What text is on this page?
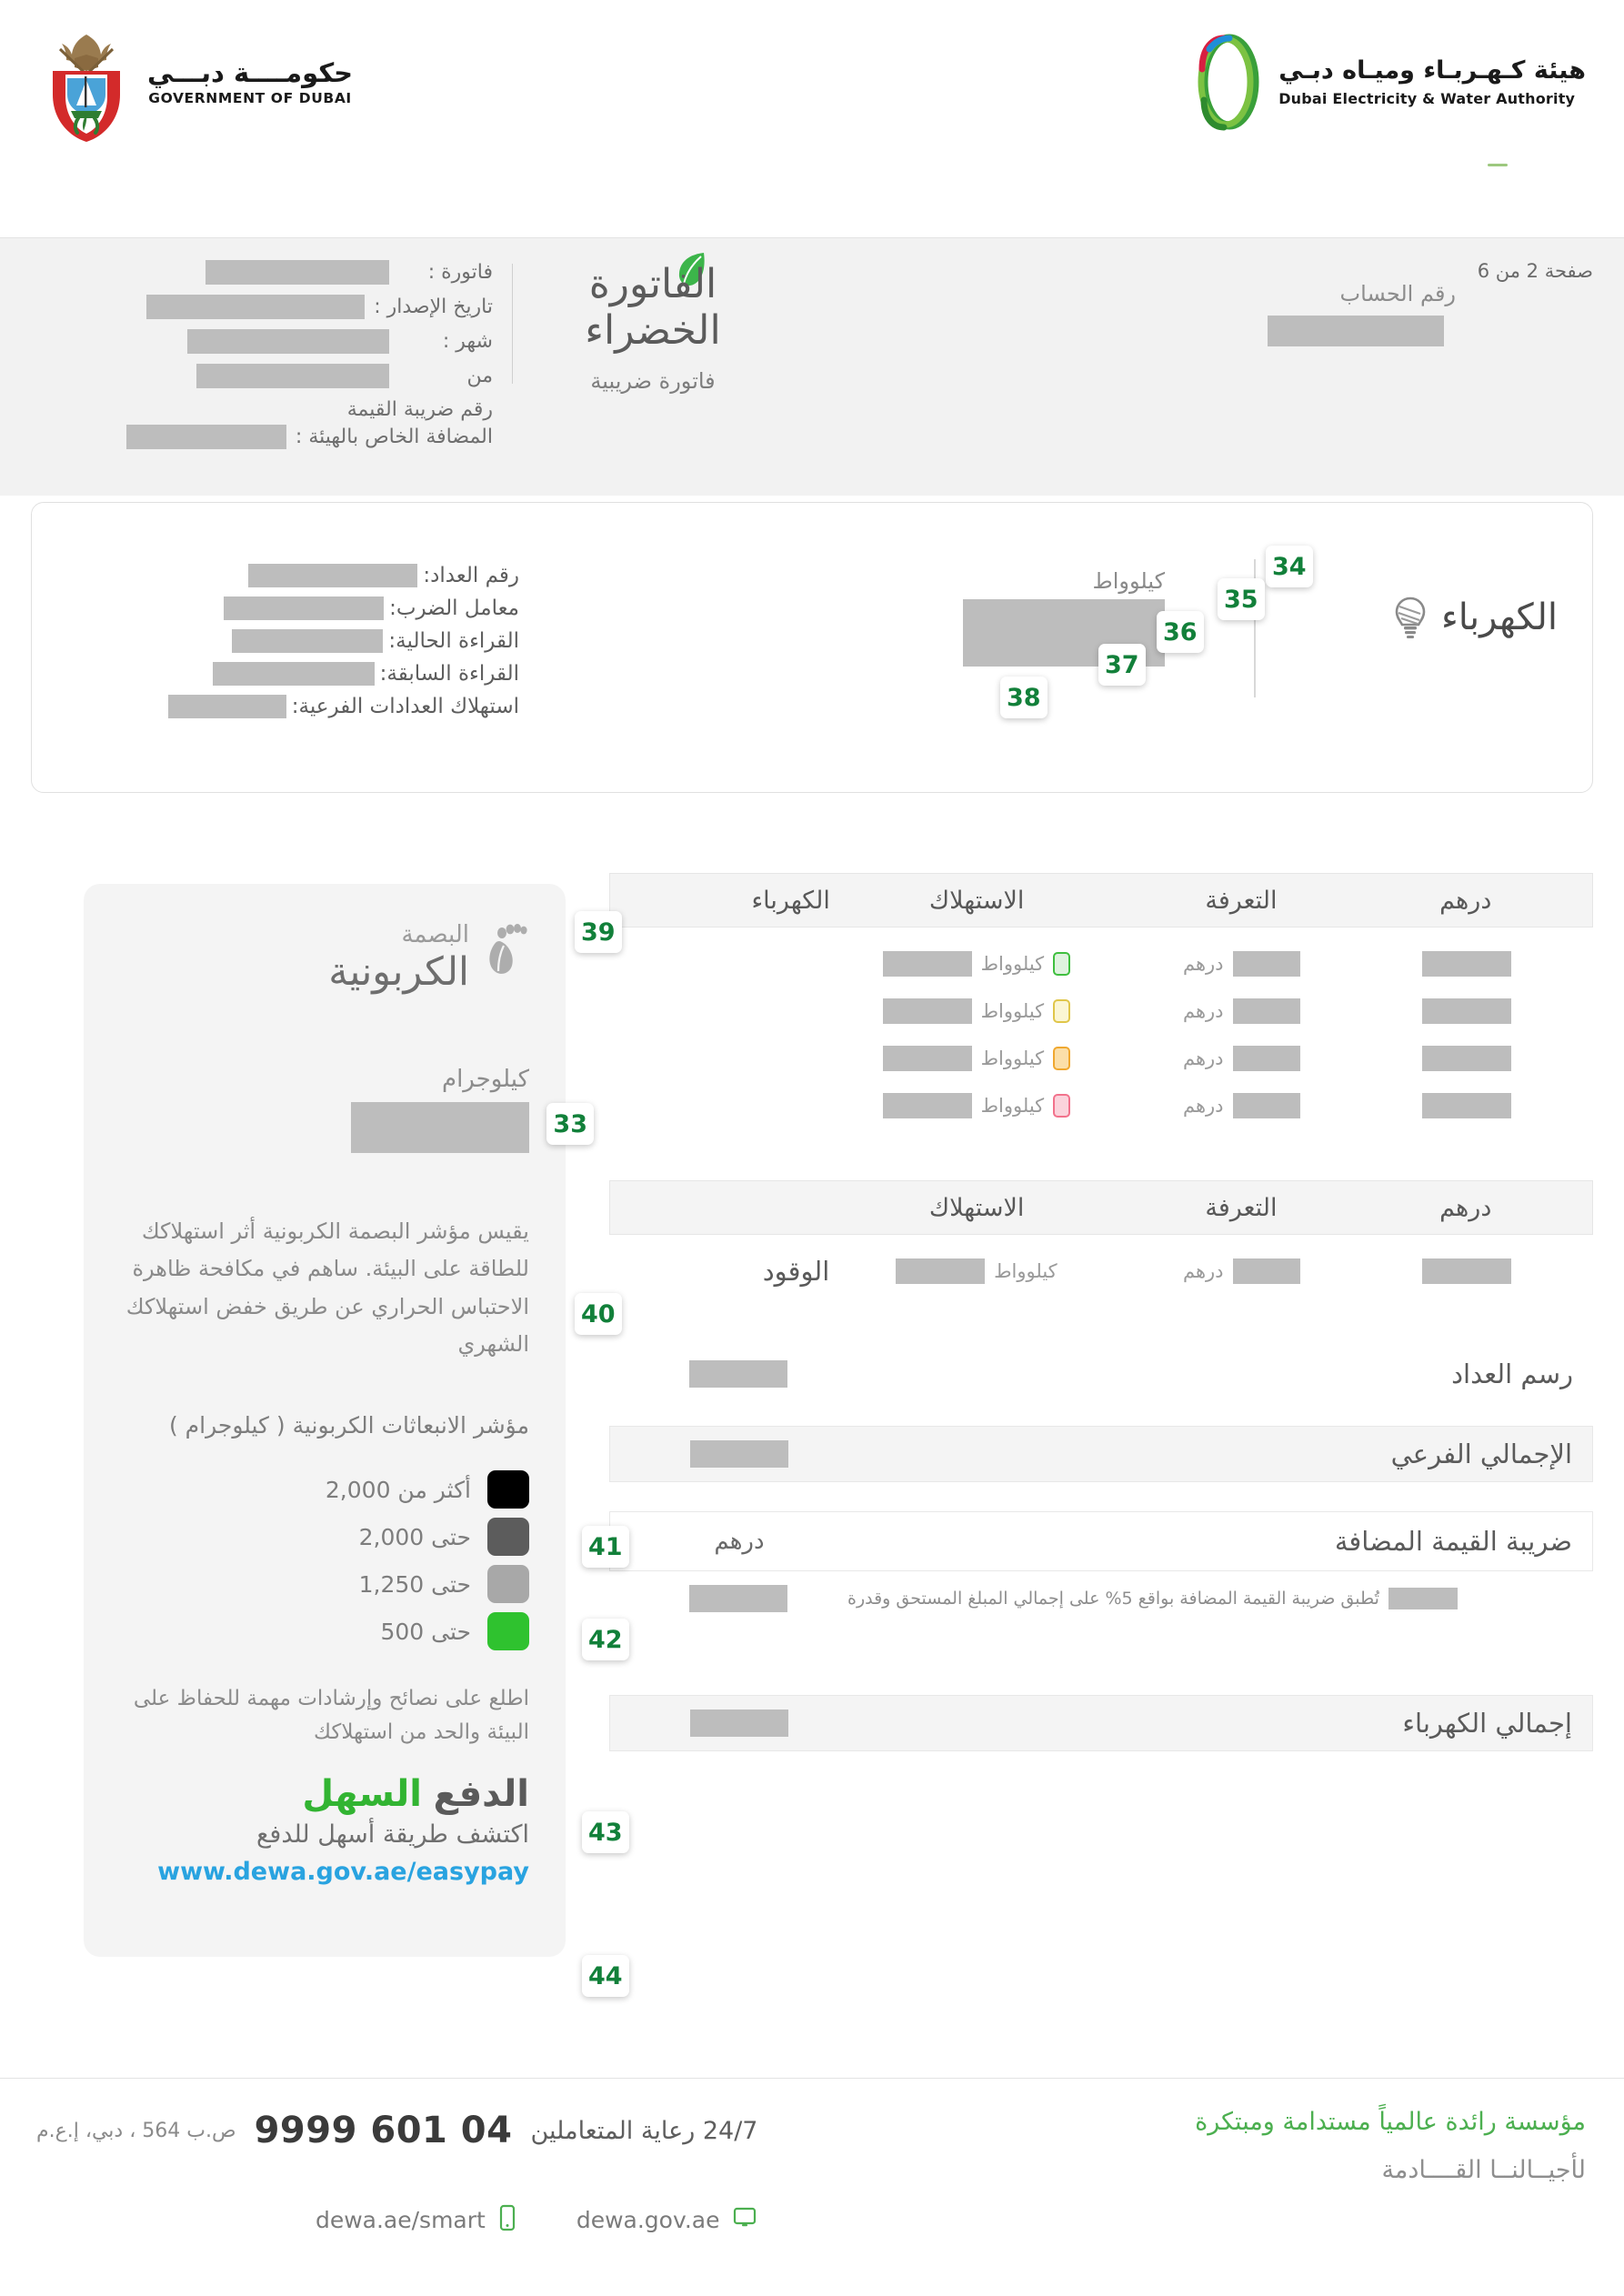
حكومــــة دبـــي
GOVERNMENT OF DUBAI
هيئة كـهـربـاء وميـاه دبـي
Dubai Electricity & Water Authority
صفحة 2 من 6
رقم الحساب
الفاتورة الخضراء
فاتورة ضريبية
فاتورة :
تاريخ الإصدار :
شهر :
من
رقم ضريبة القيمة
المضافة الخاص بالهيئة :
الكهرباء
كيلوواط
33
رقم العداد:
معامل الضرب:
القراءة الحالية:
القراءة السابقة:
استهلاك العدادات الفرعية:
34
35
36
37
38
البصمة
الكربونية
كيلوجرام
يقيس مؤشر البصمة الكربونية أثر استهلاكك للطاقة على البيئة. ساهم في مكافحة ظاهرة الاحتباس الحراري عن طريق خفض استهلاكك الشهري
مؤشر الانبعاثات الكربونية ( كيلوجرام )
أكثر من 2,000
حتى 2,000
حتى 1,250
حتى 500
اطلع على نصائح وإرشادات مهمة للحفاظ على البيئة والحد من استهلاكك
الدفع السهل
اكتشف طريقة أسهل للدفع
www.dewa.gov.ae/easypay
درهم
التعرفة
الاستهلاك
الكهرباء
درهم
كيلوواط
درهم
كيلوواط
درهم
كيلوواط
درهم
كيلوواط
درهم
التعرفة
الاستهلاك
درهم
كيلوواط
الوقود
رسم العداد
الإجمالي الفرعي
ضريبة القيمة المضافة
درهم
تُطبق ضريبة القيمة المضافة بواقع 5% على إجمالي المبلغ المستحق وقدرة
إجمالي الكهرباء
39
40
41
42
43
44
مؤسسة رائدة عالمياً مستدامة ومبتكرة
لأجيــالنــا القــــادمة
24/7 رعاية المتعاملين
04 601 9999
ص.ب 564 ، دبي، إ.ع.م
dewa.gov.ae
dewa.ae/smart
